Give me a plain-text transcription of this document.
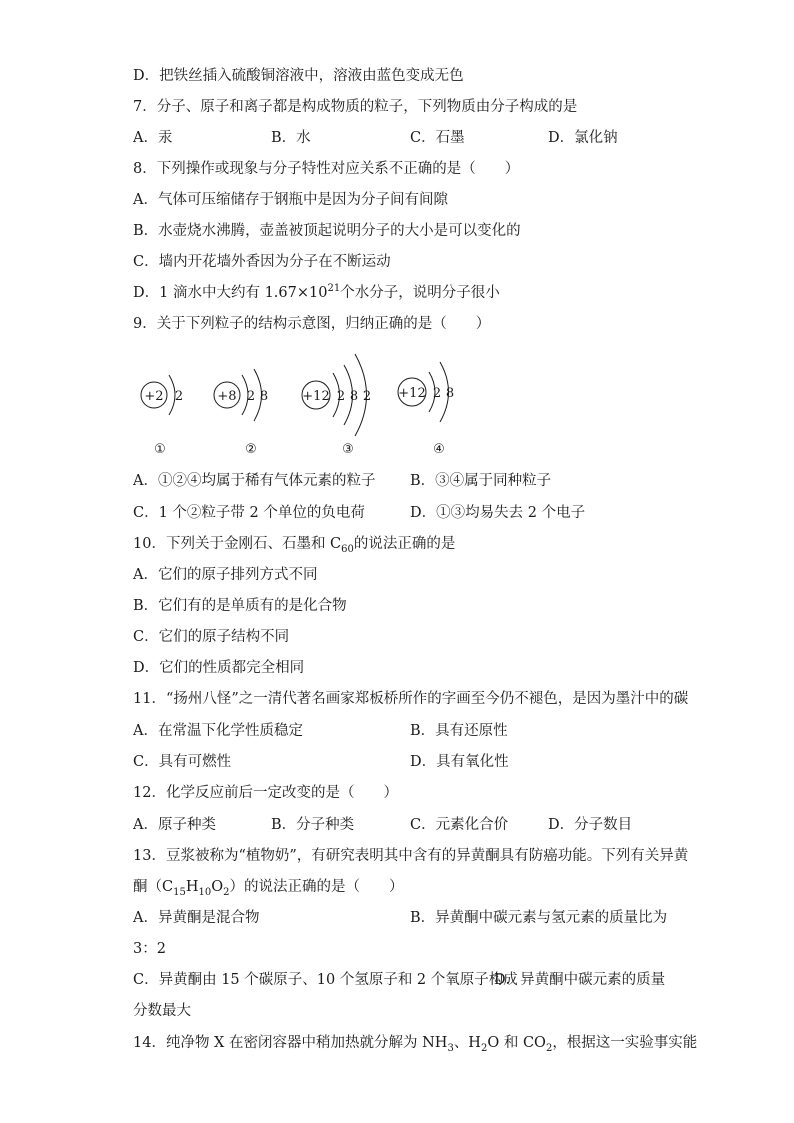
D．把铁丝插入硫酸铜溶液中，溶液由蓝色变成无色
7．分子、原子和离子都是构成物质的粒子，下列物质由分子构成的是
A．汞	B．水	C．石墨	D．氯化钠
8．下列操作或现象与分子特性对应关系不正确的是（　　）
A．气体可压缩储存于钢瓶中是因为分子间有间隙
B．水壶烧水沸腾，壶盖被顶起说明分子的大小是可以变化的
C．墙内开花墙外香因为分子在不断运动
D．1 滴水中大约有 $1.67\times 10^{21}$个水分子，说明分子很小
9．关于下列粒子的结构示意图，归纳正确的是（　　）
+2 2
①
+8 2 8
②
+12 2 8 2
③
+12 2 8
④
A．①②④均属于稀有气体元素的粒子 B．③④属于同种粒子
C．1 个②粒子带 2 个单位的负电荷	D．①③均易失去 2 个电子
10．下列关于金刚石、石墨和 $C_{60}$的说法正确的是
A．它们的原子排列方式不同
B．它们有的是单质有的是化合物
C．它们的原子结构不同
D．它们的性质都完全相同
11．“扬州八怪”之一清代著名画家郑板桥所作的字画至今仍不褪色，是因为墨汁中的碳
A．在常温下化学性质稳定	B．具有还原性
C．具有可燃性	D．具有氧化性
12．化学反应前后一定改变的是（　　）
A．原子种类	B．分子种类	C．元素化合价	D．分子数目
13．豆浆被称为“植物奶”，有研究表明其中含有的异黄酮具有防癌功能。下列有关异黄
酮$(C_{15}H_{10}O_2)$的说法正确的是（　　）
A．异黄酮是混合物	B．异黄酮中碳元素与氢元素的质量比为
3：2
C．异黄酮由 15 个碳原子、10 个氢原子和 2 个氧原子构成
D．异黄酮中碳元素的质量
分数最大
14．纯净物 X 在密闭容器中稍加热就分解为 $NH_3$、$H_2O$ 和 $CO_2$，根据这一实验事实能
